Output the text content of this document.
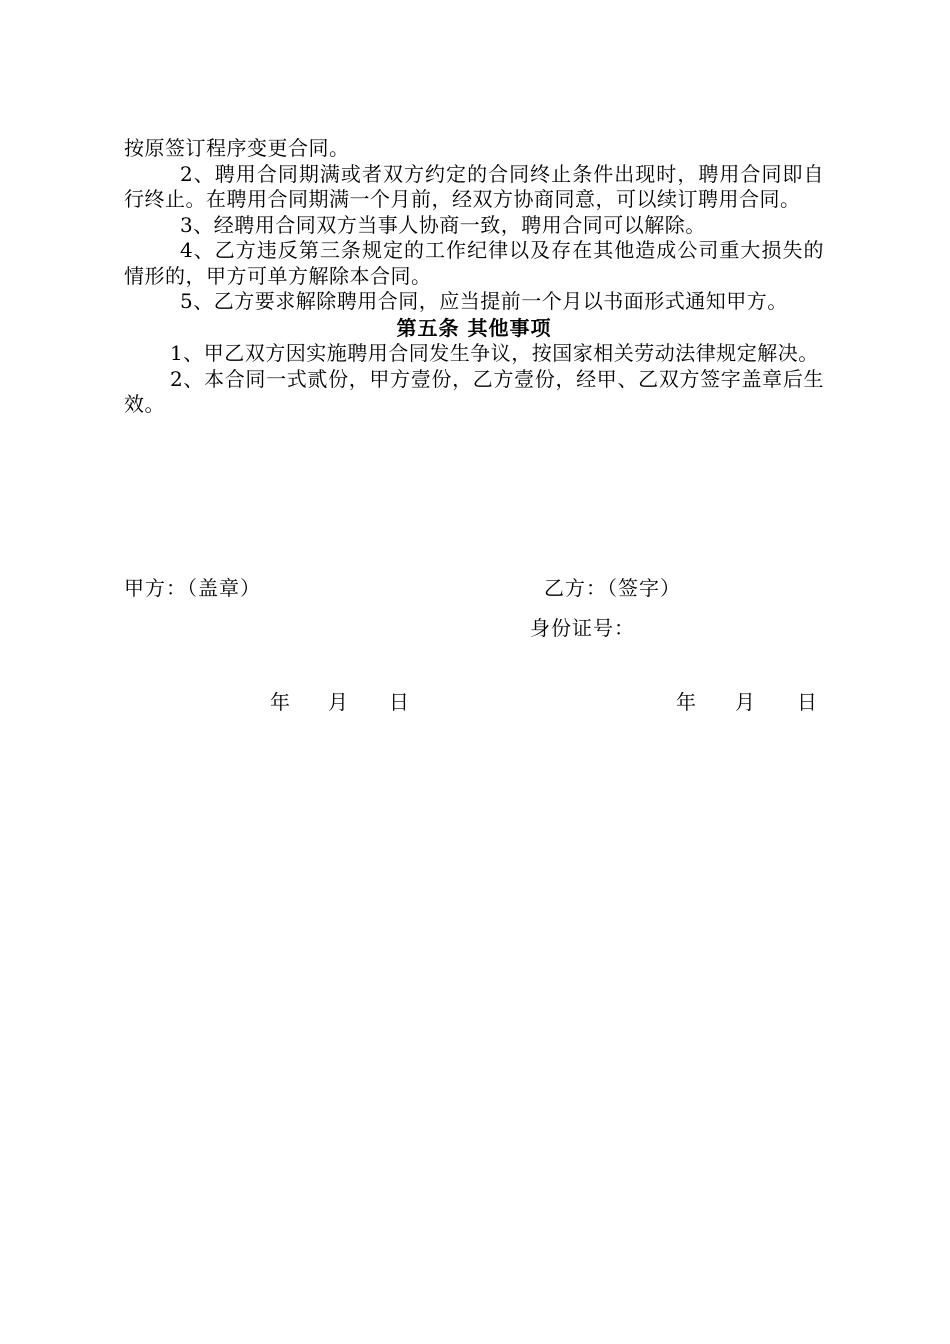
按原签订程序变更合同。

2、聘用合同期满或者双方约定的合同终止条件出现时，聘用合同即自行终止。在聘用合同期满一个月前，经双方协商同意，可以续订聘用合同。

3、经聘用合同双方当事人协商一致，聘用合同可以解除。

4、乙方违反第三条规定的工作纪律以及存在其他造成公司重大损失的情形的，甲方可单方解除本合同。

5、乙方要求解除聘用合同，应当提前一个月以书面形式通知甲方。

第五条 其他事项

1、甲乙双方因实施聘用合同发生争议，按国家相关劳动法律规定解决。

2、本合同一式贰份，甲方壹份，乙方壹份，经甲、乙双方签字盖章后生效。

甲方：（盖章）	乙方：（签字）
身份证号：
年 月 日	年 月 日
